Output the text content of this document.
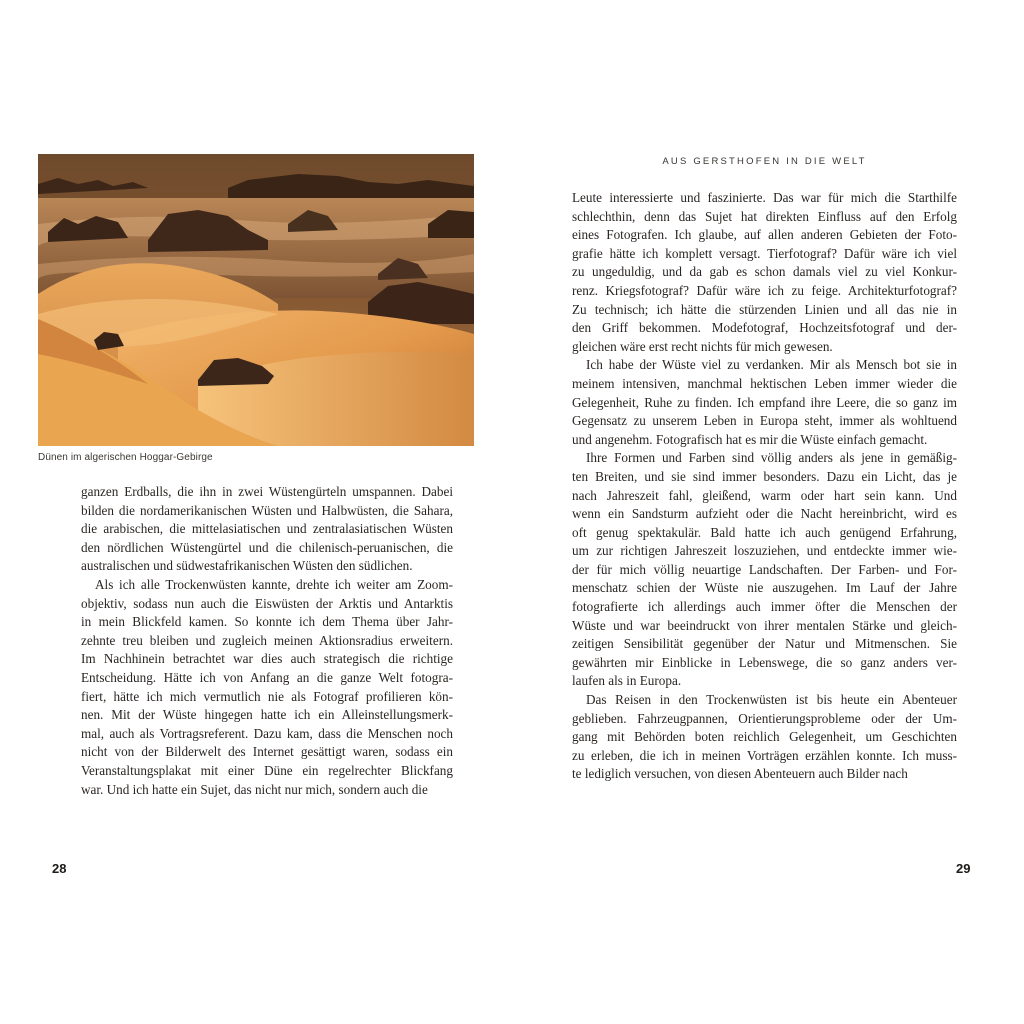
Dünen im algerischen Hoggar-Gebirge
ganzen Erdballs, die ihn in zwei Wüstengürteln umspannen. Dabei
bilden die nordamerikanischen Wüsten und Halbwüsten, die Sahara,
die arabischen, die mittelasiatischen und zentralasiatischen Wüsten
den nördlichen Wüstengürtel und die chilenisch-peruanischen, die
australischen und südwestafrikanischen Wüsten den südlichen.
Als ich alle Trockenwüsten kannte, drehte ich weiter am Zoom-
objektiv, sodass nun auch die Eiswüsten der Arktis und Antarktis
in mein Blickfeld kamen. So konnte ich dem Thema über Jahr-
zehnte treu bleiben und zugleich meinen Aktionsradius erweitern.
Im Nachhinein betrachtet war dies auch strategisch die richtige
Entscheidung. Hätte ich von Anfang an die ganze Welt fotogra-
fiert, hätte ich mich vermutlich nie als Fotograf profilieren kön-
nen. Mit der Wüste hingegen hatte ich ein Alleinstellungsmerk-
mal, auch als Vortragsreferent. Dazu kam, dass die Menschen noch
nicht von der Bilderwelt des Internet gesättigt waren, sodass ein
Veranstaltungsplakat mit einer Düne ein regelrechter Blickfang
war. Und ich hatte ein Sujet, das nicht nur mich, sondern auch die
28
AUS GERSTHOFEN IN DIE WELT
Leute interessierte und faszinierte. Das war für mich die Starthilfe
schlechthin, denn das Sujet hat direkten Einfluss auf den Erfolg
eines Fotografen. Ich glaube, auf allen anderen Gebieten der Foto-
grafie hätte ich komplett versagt. Tierfotograf? Dafür wäre ich viel
zu ungeduldig, und da gab es schon damals viel zu viel Konkur-
renz. Kriegsfotograf? Dafür wäre ich zu feige. Architekturfotograf?
Zu technisch; ich hätte die stürzenden Linien und all das nie in
den Griff bekommen. Modefotograf, Hochzeitsfotograf und der-
gleichen wäre erst recht nichts für mich gewesen.
Ich habe der Wüste viel zu verdanken. Mir als Mensch bot sie in
meinem intensiven, manchmal hektischen Leben immer wieder die
Gelegenheit, Ruhe zu finden. Ich empfand ihre Leere, die so ganz im
Gegensatz zu unserem Leben in Europa steht, immer als wohltuend
und angenehm. Fotografisch hat es mir die Wüste einfach gemacht.
Ihre Formen und Farben sind völlig anders als jene in gemäßig-
ten Breiten, und sie sind immer besonders. Dazu ein Licht, das je
nach Jahreszeit fahl, gleißend, warm oder hart sein kann. Und
wenn ein Sandsturm aufzieht oder die Nacht hereinbricht, wird es
oft genug spektakulär. Bald hatte ich auch genügend Erfahrung,
um zur richtigen Jahreszeit loszuziehen, und entdeckte immer wie-
der für mich völlig neuartige Landschaften. Der Farben- und For-
menschatz schien der Wüste nie auszugehen. Im Lauf der Jahre
fotografierte ich allerdings auch immer öfter die Menschen der
Wüste und war beeindruckt von ihrer mentalen Stärke und gleich-
zeitigen Sensibilität gegenüber der Natur und Mitmenschen. Sie
gewährten mir Einblicke in Lebenswege, die so ganz anders ver-
laufen als in Europa.
Das Reisen in den Trockenwüsten ist bis heute ein Abenteuer
geblieben. Fahrzeugpannen, Orientierungsprobleme oder der Um-
gang mit Behörden boten reichlich Gelegenheit, um Geschichten
zu erleben, die ich in meinen Vorträgen erzählen konnte. Ich muss-
te lediglich versuchen, von diesen Abenteuern auch Bilder nach
29
